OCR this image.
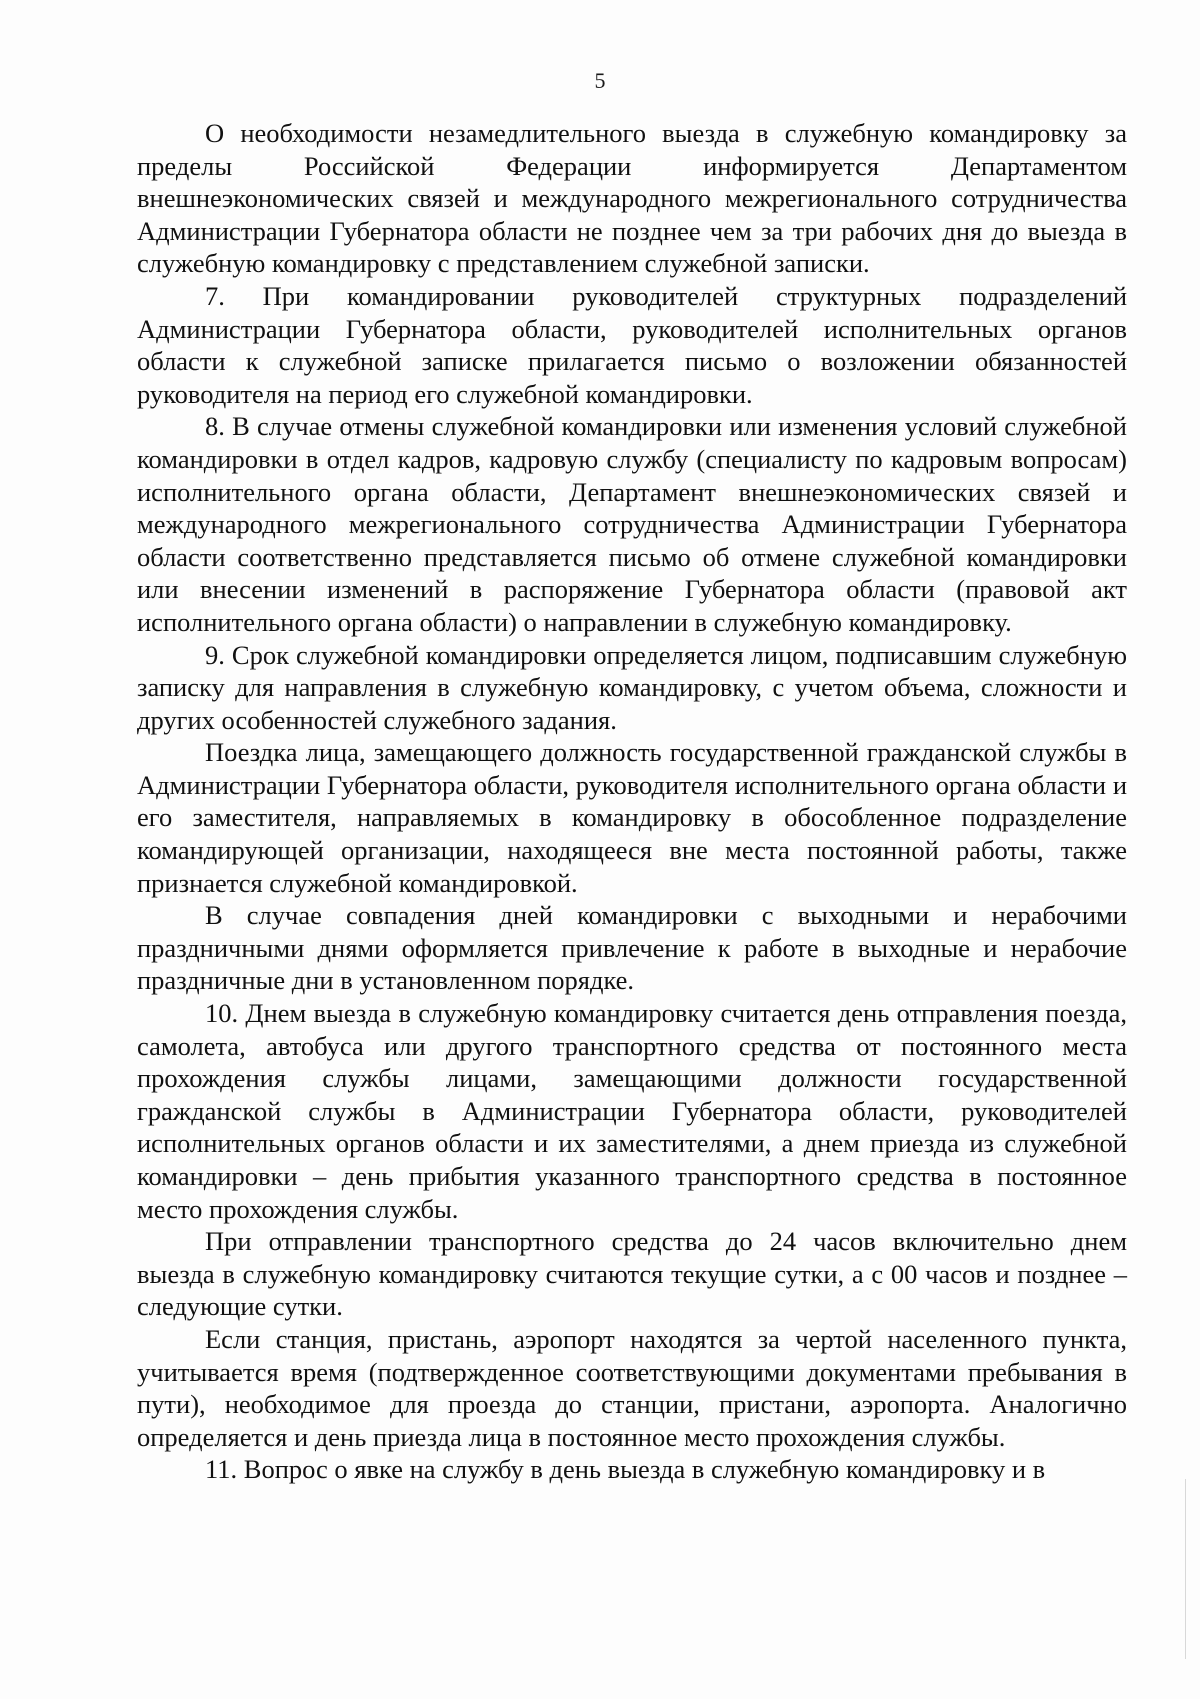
5

О необходимости незамедлительного выезда в служебную командировку за пределы Российской Федерации информируется Департаментом внешнеэкономических связей и международного межрегионального сотрудничества Администрации Губернатора области не позднее чем за три рабочих дня до выезда в служебную командировку с представлением служебной записки.

7. При командировании руководителей структурных подразделений Администрации Губернатора области, руководителей исполнительных органов области к служебной записке прилагается письмо о возложении обязанностей руководителя на период его служебной командировки.

8. В случае отмены служебной командировки или изменения условий служебной командировки в отдел кадров, кадровую службу (специалисту по кадровым вопросам) исполнительного органа области, Департамент внешнеэкономических связей и международного межрегионального сотрудничества Администрации Губернатора области соответственно представляется письмо об отмене служебной командировки или внесении изменений в распоряжение Губернатора области (правовой акт исполнительного органа области) о направлении в служебную командировку.

9. Срок служебной командировки определяется лицом, подписавшим служебную записку для направления в служебную командировку, с учетом объема, сложности и других особенностей служебного задания.

Поездка лица, замещающего должность государственной гражданской службы в Администрации Губернатора области, руководителя исполнительного органа области и его заместителя, направляемых в командировку в обособленное подразделение командирующей организации, находящееся вне места постоянной работы, также признается служебной командировкой.

В случае совпадения дней командировки с выходными и нерабочими праздничными днями оформляется привлечение к работе в выходные и нерабочие праздничные дни в установленном порядке.

10. Днем выезда в служебную командировку считается день отправления поезда, самолета, автобуса или другого транспортного средства от постоянного места прохождения службы лицами, замещающими должности государственной гражданской службы в Администрации Губернатора области, руководителей исполнительных органов области и их заместителями, а днем приезда из служебной командировки – день прибытия указанного транспортного средства в постоянное место прохождения службы.

При отправлении транспортного средства до 24 часов включительно днем выезда в служебную командировку считаются текущие сутки, а с 00 часов и позднее – следующие сутки.

Если станция, пристань, аэропорт находятся за чертой населенного пункта, учитывается время (подтвержденное соответствующими документами пребывания в пути), необходимое для проезда до станции, пристани, аэропорта. Аналогично определяется и день приезда лица в постоянное место прохождения службы.

11. Вопрос о явке на службу в день выезда в служебную командировку и в
